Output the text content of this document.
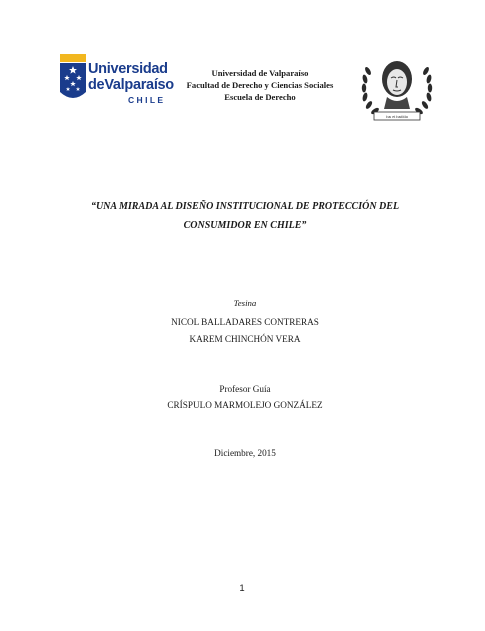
Universidad
deValparaíso
CHILE
Universidad de Valparaíso
Facultad de Derecho y Ciencias Sociales
Escuela de Derecho
ius et iustitia
“UNA MIRADA AL DISEÑO INSTITUCIONAL DE PROTECCIÓN DEL
CONSUMIDOR EN CHILE”
Tesina
NICOL BALLADARES CONTRERAS
KAREM CHINCHÓN VERA
Profesor Guía
CRÍSPULO MARMOLEJO GONZÁLEZ
Diciembre, 2015
1
